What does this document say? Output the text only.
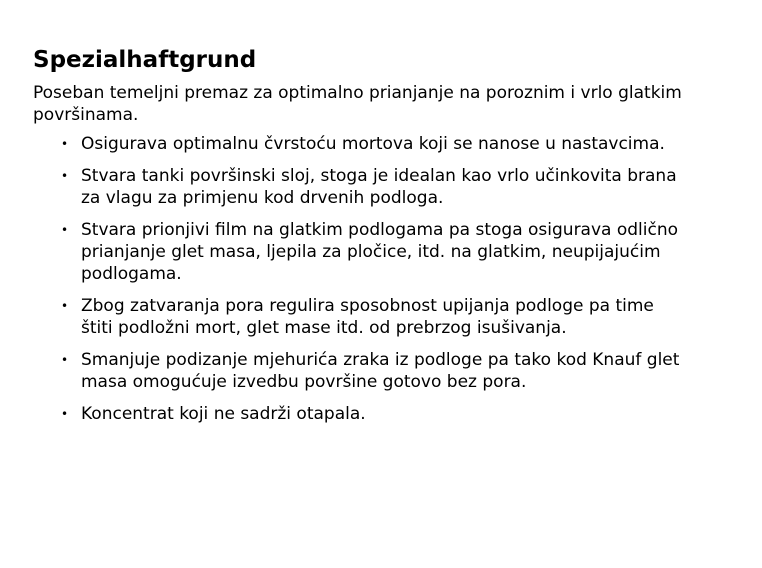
Spezialhaftgrund

Poseban temeljni premaz za optimalno prianjanje na poroznim i vrlo glatkim površinama.

• Osigurava optimalnu čvrstoću mortova koji se nanose u nastavcima.
• Stvara tanki površinski sloj, stoga je idealan kao vrlo učinkovita brana za vlagu za primjenu kod drvenih podloga.
• Stvara prionjivi film na glatkim podlogama pa stoga osigurava odlično prianjanje glet masa, ljepila za pločice, itd. na glatkim, neupijajućim podlogama.
• Zbog zatvaranja pora regulira sposobnost upijanja podloge pa time štiti podložni mort, glet mase itd. od prebrzog isušivanja.
• Smanjuje podizanje mjehurića zraka iz podloge pa tako kod Knauf glet masa omogućuje izvedbu površine gotovo bez pora.
• Koncentrat koji ne sadrži otapala.
